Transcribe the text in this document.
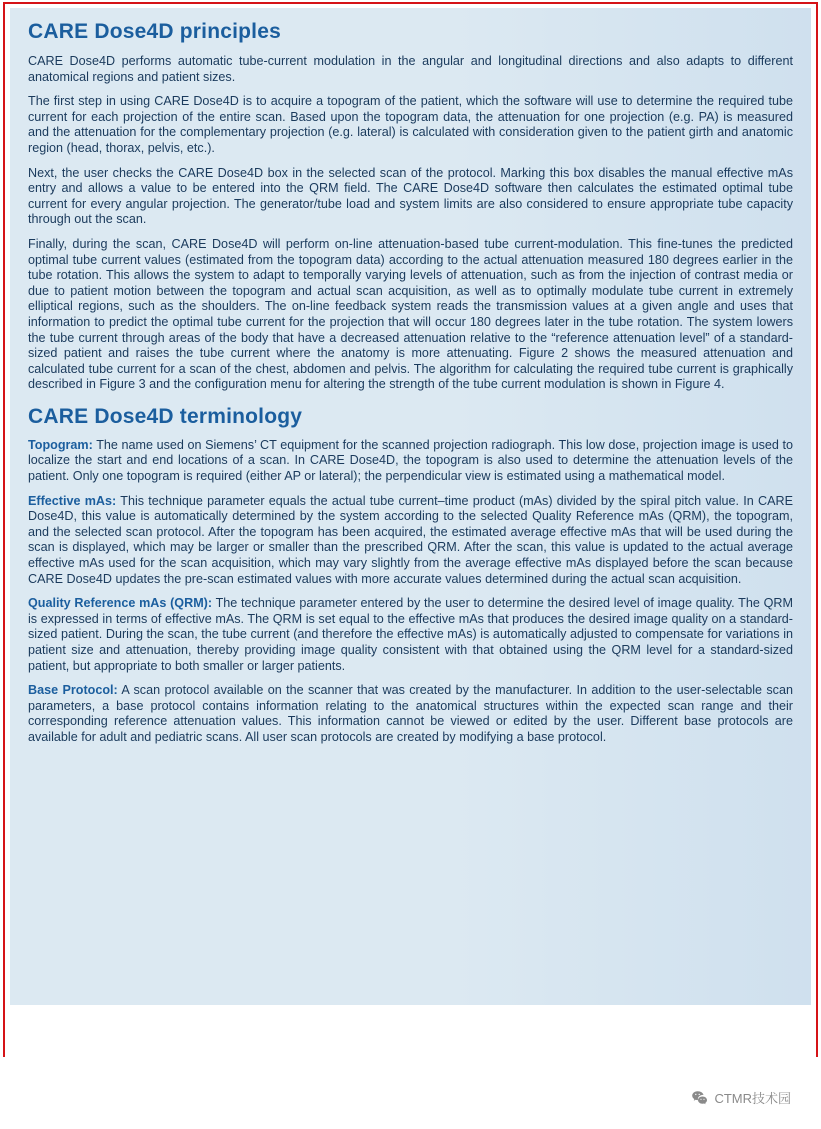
CARE Dose4D principles

CARE Dose4D performs automatic tube-current modulation in the angular and longitudinal directions and also adapts to different anatomical regions and patient sizes.

The first step in using CARE Dose4D is to acquire a topogram of the patient, which the software will use to determine the required tube current for each projection of the entire scan. Based upon the topogram data, the attenuation for one projection (e.g. PA) is measured and the attenuation for the complementary projection (e.g. lateral) is calculated with consideration given to the patient girth and anatomic region (head, thorax, pelvis, etc.).

Next, the user checks the CARE Dose4D box in the selected scan of the protocol. Marking this box disables the manual effective mAs entry and allows a value to be entered into the QRM field. The CARE Dose4D software then calculates the estimated optimal tube current for every angular projection. The generator/tube load and system limits are also considered to ensure appropriate tube capacity through out the scan.

Finally, during the scan, CARE Dose4D will perform on-line attenuation-based tube current-modulation. This fine-tunes the predicted optimal tube current values (estimated from the topogram data) according to the actual attenuation measured 180 degrees earlier in the tube rotation. This allows the system to adapt to temporally varying levels of attenuation, such as from the injection of contrast media or due to patient motion between the topogram and actual scan acquisition, as well as to optimally modulate tube current in extremely elliptical regions, such as the shoulders. The on-line feedback system reads the transmission values at a given angle and uses that information to predict the optimal tube current for the projection that will occur 180 degrees later in the tube rotation. The system lowers the tube current through areas of the body that have a decreased attenuation relative to the “reference attenuation level” of a standard-sized patient and raises the tube current where the anatomy is more attenuating. Figure 2 shows the measured attenuation and calculated tube current for a scan of the chest, abdomen and pelvis. The algorithm for calculating the required tube current is graphically described in Figure 3 and the configuration menu for altering the strength of the tube current modulation is shown in Figure 4.

CARE Dose4D terminology

Topogram: The name used on Siemens’ CT equipment for the scanned projection radiograph. This low dose, projection image is used to localize the start and end locations of a scan. In CARE Dose4D, the topogram is also used to determine the attenuation levels of the patient. Only one topogram is required (either AP or lateral); the perpendicular view is estimated using a mathematical model.

Effective mAs: This technique parameter equals the actual tube current–time product (mAs) divided by the spiral pitch value. In CARE Dose4D, this value is automatically determined by the system according to the selected Quality Reference mAs (QRM), the topogram, and the selected scan protocol. After the topogram has been acquired, the estimated average effective mAs that will be used during the scan is displayed, which may be larger or smaller than the prescribed QRM. After the scan, this value is updated to the actual average effective mAs used for the scan acquisition, which may vary slightly from the average effective mAs displayed before the scan because CARE Dose4D updates the pre-scan estimated values with more accurate values determined during the actual scan acquisition.

Quality Reference mAs (QRM): The technique parameter entered by the user to determine the desired level of image quality. The QRM is expressed in terms of effective mAs. The QRM is set equal to the effective mAs that produces the desired image quality on a standard-sized patient. During the scan, the tube current (and therefore the effective mAs) is automatically adjusted to compensate for variations in patient size and attenuation, thereby providing image quality consistent with that obtained using the QRM level for a standard-sized patient, but appropriate to both smaller or larger patients.

Base Protocol: A scan protocol available on the scanner that was created by the manufacturer. In addition to the user-selectable scan parameters, a base protocol contains information relating to the anatomical structures within the expected scan range and their corresponding reference attenuation values. This information cannot be viewed or edited by the user. Different base protocols are available for adult and pediatric scans. All user scan protocols are created by modifying a base protocol.

CTMR技术园
